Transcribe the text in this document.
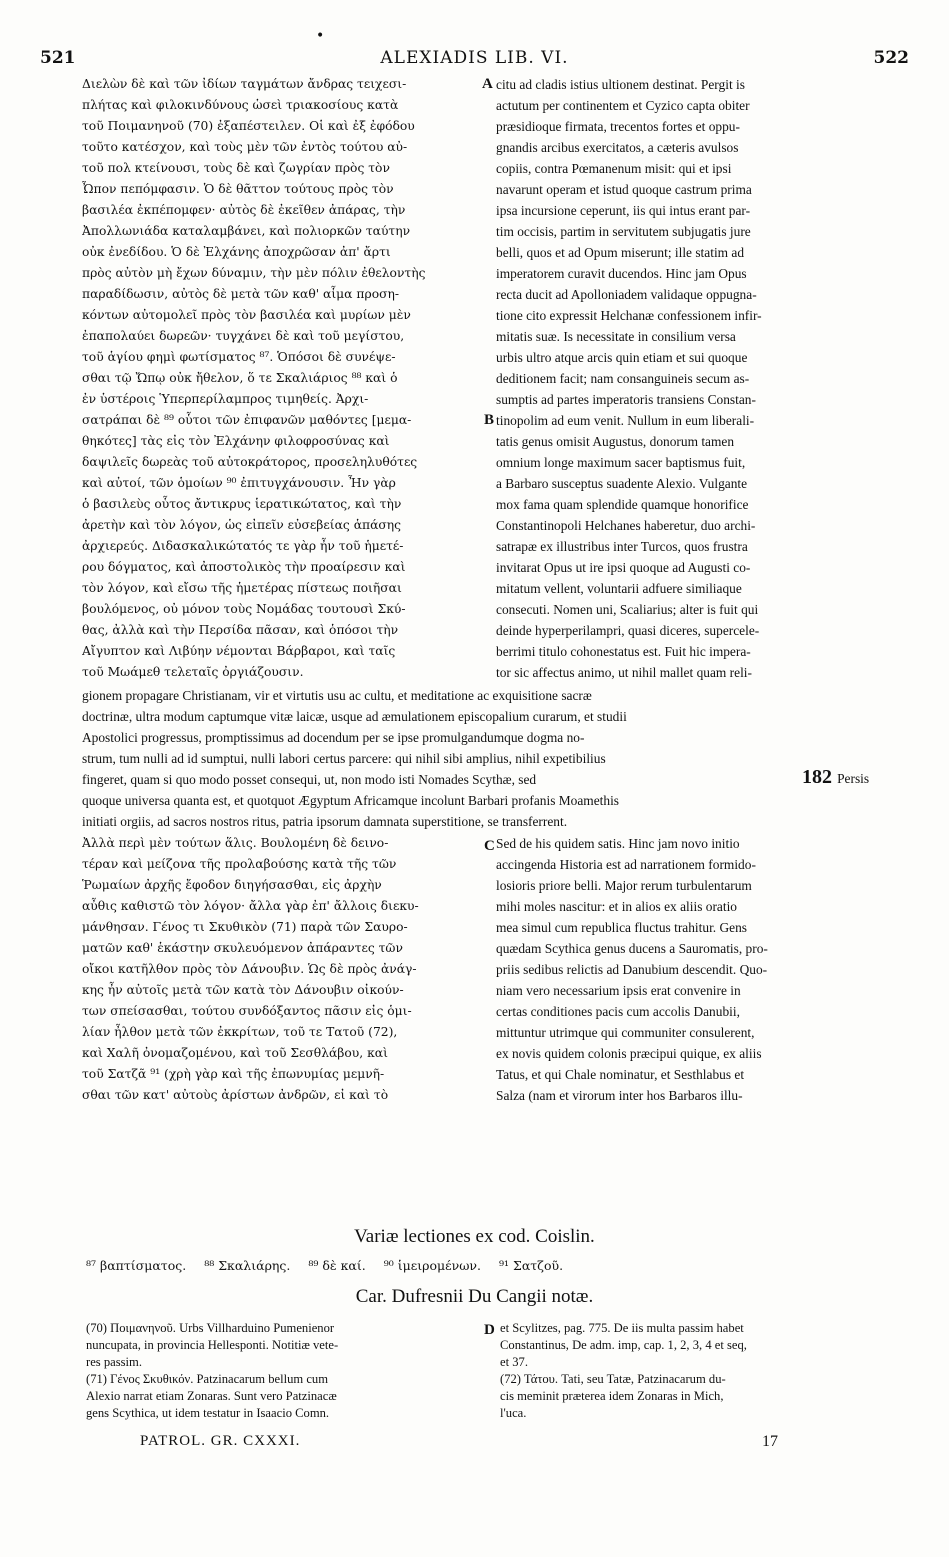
•
521	ALEXIADIS LIB. VI.	522
Διελὼν δὲ καὶ τῶν ἰδίων ταγμάτων ἄνδρας τειχεσι-
πλήτας καὶ φιλοκινδύνους ὡσεὶ τριακοσίους κατὰ
τοῦ Ποιμανηνοῦ (70) ἐξαπέστειλεν. Οἱ καὶ ἐξ ἐφόδου
τοῦτο κατέσχον, καὶ τοὺς μὲν τῶν ἐντὸς τούτου αὐ-
τοῦ πολ κτείνουσι, τοὺς δὲ καὶ ζωγρίαν πρὸς τὸν
Ὦπον πεπόμφασιν. Ὁ δὲ θᾶττον τούτους πρὸς τὸν
βασιλέα ἐκπέπομφεν· αὐτὸς δὲ ἐκεῖθεν ἀπάρας, τὴν
Ἀπολλωνιάδα καταλαμβάνει, καὶ πολιορκῶν ταύτην
οὐκ ἐνεδίδου. Ὁ δὲ Ἐλχάνης ἀποχρῶσαν ἀπ' ἄρτι
πρὸς αὐτὸν μὴ ἔχων δύναμιν, τὴν μὲν πόλιν ἐθελοντὴς
παραδίδωσιν, αὐτὸς δὲ μετὰ τῶν καθ' αἷμα προση-
κόντων αὐτομολεῖ πρὸς τὸν βασιλέα καὶ μυρίων μὲν
ἐπαπολαύει δωρεῶν· τυγχάνει δὲ καὶ τοῦ μεγίστου,
τοῦ ἁγίου φημὶ φωτίσματος ⁸⁷. Ὁπόσοι δὲ συνέψε-
σθαι τῷ Ὤπῳ οὐκ ἤθελον, ὅ τε Σκαλιάριος ⁸⁸ καὶ ὁ
ἐν ὑστέροις Ὑπερπερίλαμπρος τιμηθείς. Ἀρχι-
σατράπαι δὲ ⁸⁹ οὗτοι τῶν ἐπιφανῶν μαθόντες [μεμα-
θηκότες] τὰς εἰς τὸν Ἐλχάνην φιλοφροσύνας καὶ
δαψιλεῖς δωρεὰς τοῦ αὐτοκράτορος, προσεληλυθότες
καὶ αὐτοί, τῶν ὁμοίων ⁹⁰ ἐπιτυγχάνουσιν. Ἦν γὰρ
ὁ βασιλεὺς οὗτος ἄντικρυς ἱερατικώτατος, καὶ τὴν
ἀρετὴν καὶ τὸν λόγον, ὡς εἰπεῖν εὐσεβείας ἁπάσης
ἀρχιερεύς. Διδασκαλικώτατός τε γὰρ ἦν τοῦ ἡμετέ-
ρου δόγματος, καὶ ἀποστολικὸς τὴν προαίρεσιν καὶ
τὸν λόγον, καὶ εἴσω τῆς ἡμετέρας πίστεως ποιῆσαι
βουλόμενος, οὐ μόνον τοὺς Νομάδας τουτουσὶ Σκύ-
θας, ἀλλὰ καὶ τὴν Περσίδα πᾶσαν, καὶ ὁπόσοι τὴν
Αἴγυπτον καὶ Λιβύην νέμονται Βάρβαροι, καὶ ταῖς
τοῦ Μωάμεθ τελεταῖς ὀργιάζουσιν.
citu ad cladis istius ultionem destinat. Pergit is
actutum per continentem et Cyzico capta obiter
præsidioque firmata, trecentos fortes et oppu-
gnandis arcibus exercitatos, a cæteris avulsos
copiis, contra Pœmanenum misit: qui et ipsi
navarunt operam et istud quoque castrum prima
ipsa incursione ceperunt, iis qui intus erant par-
tim occisis, partim in servitutem subjugatis jure
belli, quos et ad Opum miserunt; ille statim ad
imperatorem curavit ducendos. Hinc jam Opus
recta ducit ad Apolloniadem validaque oppugna-
tione cito expressit Helchanæ confessionem infir-
mitatis suæ. Is necessitate in consilium versa
urbis ultro atque arcis quin etiam et sui quoque
deditionem facit; nam consanguineis secum as-
sumptis ad partes imperatoris transiens Constan-
tinopolim ad eum venit. Nullum in eum liberali-
tatis genus omisit Augustus, donorum tamen
omnium longe maximum sacer baptismus fuit,
a Barbaro susceptus suadente Alexio. Vulgante
mox fama quam splendide quamque honorifice
Constantinopoli Helchanes haberetur, duo archi-
satrapæ ex illustribus inter Turcos, quos frustra
invitarat Opus ut ire ipsi quoque ad Augusti co-
mitatum vellent, voluntarii adfuere similiaque
consecuti. Nomen uni, Scaliarius; alter is fuit qui
deinde hyperperilampri, quasi diceres, supercele-
berrimi titulo cohonestatus est. Fuit hic impera-
tor sic affectus animo, ut nihil mallet quam reli-
A
B
gionem propagare Christianam, vir et virtutis usu ac cultu, et meditatione ac exquisitione sacræ
doctrinæ, ultra modum captumque vitæ laicæ, usque ad æmulationem episcopalium curarum, et studii
Apostolici progressus, promptissimus ad docendum per se ipse promulgandumque dogma no-
strum, tum nulli ad id sumptui, nulli labori certus parcere: qui nihil sibi amplius, nihil expetibilius
fingeret, quam si quo modo posset consequi, ut, non modo isti Nomades Scythæ, sed
quoque universa quanta est, et quotquot Ægyptum Africamque incolunt Barbari profanis Moamethis
initiati orgiis, ad sacros nostros ritus, patria ipsorum damnata superstitione, se transferrent.
182 Persis
Ἀλλὰ περὶ μὲν τούτων ἅλις. Βουλομένη δὲ δεινο-
τέραν καὶ μείζονα τῆς προλαβούσης κατὰ τῆς τῶν
Ῥωμαίων ἀρχῆς ἔφοδον διηγήσασθαι, εἰς ἀρχὴν
αὖθις καθιστῶ τὸν λόγον· ἄλλα γὰρ ἐπ' ἄλλοις διεκυ-
μάνθησαν. Γένος τι Σκυθικὸν (71) παρὰ τῶν Σαυρο-
ματῶν καθ' ἑκάστην σκυλευόμενον ἀπάραντες τῶν
οἴκοι κατῆλθον πρὸς τὸν Δάνουβιν. Ὡς δὲ πρὸς ἀνάγ-
κης ἦν αὐτοῖς μετὰ τῶν κατὰ τὸν Δάνουβιν οἰκούν-
των σπείσασθαι, τούτου συνδόξαντος πᾶσιν εἰς ὁμι-
λίαν ἦλθον μετὰ τῶν ἐκκρίτων, τοῦ τε Τατοῦ (72),
καὶ Χαλῆ ὀνομαζομένου, καὶ τοῦ Σεσθλάβου, καὶ
τοῦ Σατζᾶ ⁹¹ (χρὴ γὰρ καὶ τῆς ἐπωνυμίας μεμνῆ-
σθαι τῶν κατ' αὐτοὺς ἀρίστων ἀνδρῶν, εἰ καὶ τὸ
Sed de his quidem satis. Hinc jam novo initio
accingenda Historia est ad narrationem formido-
losioris priore belli. Major rerum turbulentarum
mihi moles nascitur: et in alios ex aliis oratio
mea simul cum republica fluctus trahitur. Gens
quædam Scythica genus ducens a Sauromatis, pro-
priis sedibus relictis ad Danubium descendit. Quo-
niam vero necessarium ipsis erat convenire in
certas conditiones pacis cum accolis Danubii,
mittuntur utrimque qui communiter consulerent,
ex novis quidem colonis præcipui quique, ex aliis
Tatus, et qui Chale nominatur, et Sesthlabus et
Salza (nam et virorum inter hos Barbaros illu-
C
Variæ lectiones ex cod. Coislin.
⁸⁷ βαπτίσματος. ⁸⁸ Σκαλιάρης. ⁸⁹ δὲ καί. ⁹⁰ ἱμειρομένων. ⁹¹ Σατζοῦ.
Car. Dufresnii Du Cangii notæ.
(70) Ποιμανηνοῦ. Urbs Villharduino Pumenienor
nuncupata, in provincia Hellesponti. Notitiæ vete-
res passim.
(71) Γένος Σκυθικόν. Patzinacarum bellum cum
Alexio narrat etiam Zonaras. Sunt vero Patzinacæ
gens Scythica, ut idem testatur in Isaacio Comn.
D et Scylitzes, pag. 775. De iis multa passim habet
Constantinus, De adm. imp, cap. 1, 2, 3, 4 et seq,
et 37.
(72) Τάτου. Tati, seu Tatæ, Patzinacarum du-
cis meminit præterea idem Zonaras in Mich,
l'uca.
PATROL. GR. CXXXI.	17
